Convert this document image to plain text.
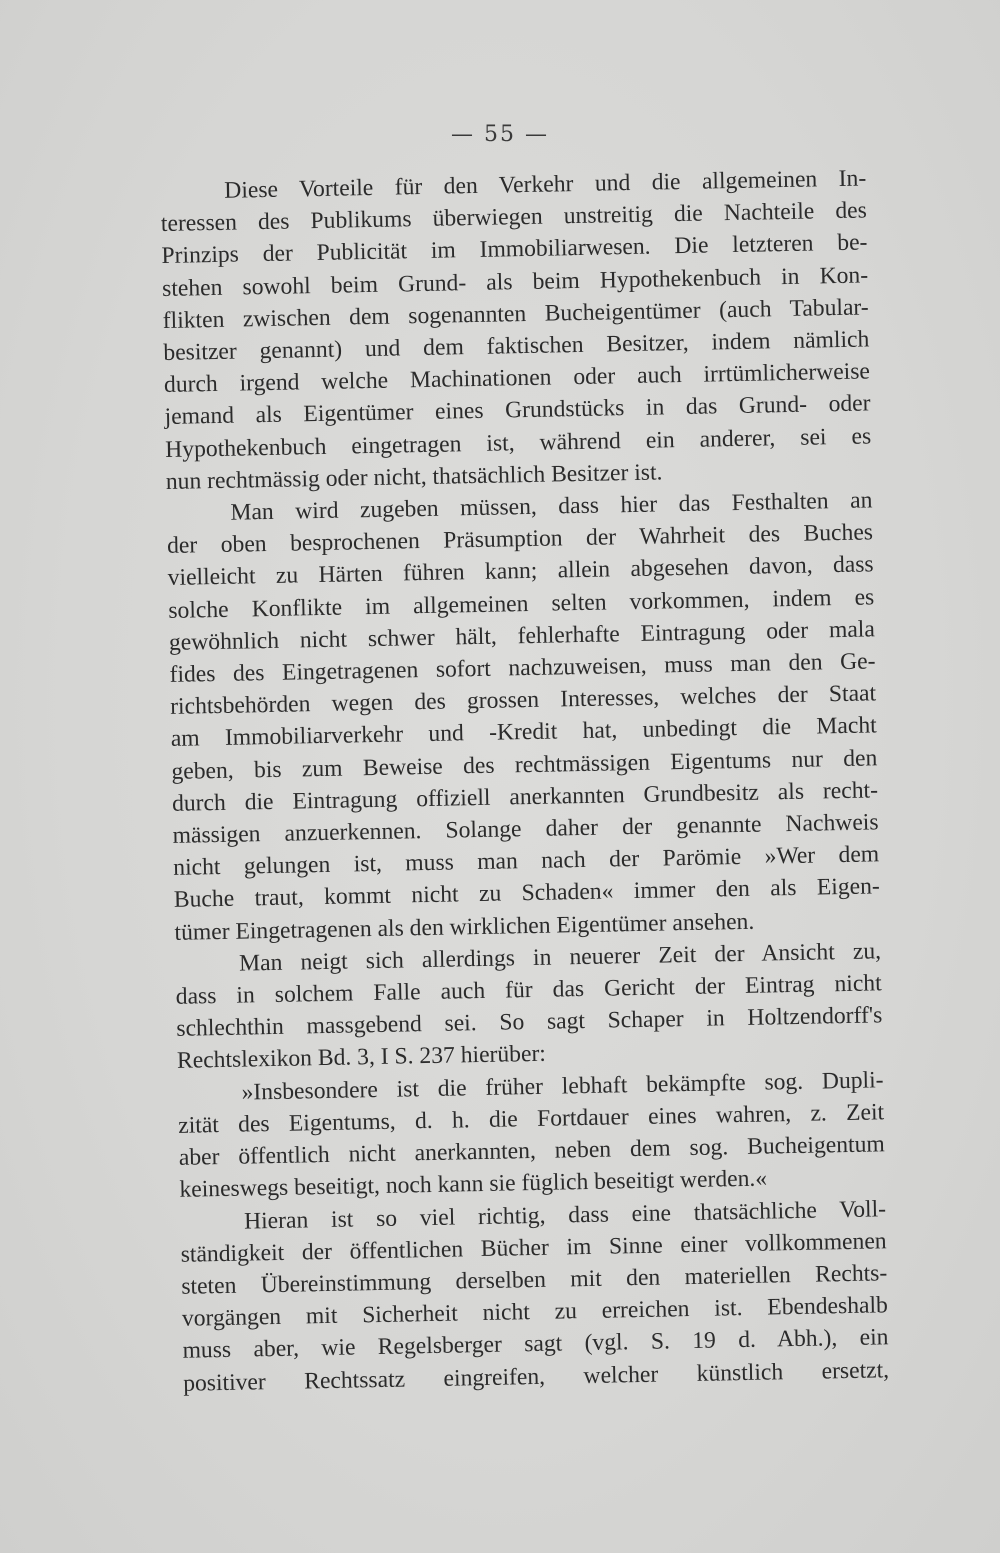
— 55 —
Diese Vorteile für den Verkehr und die allgemeinen In-
teressen des Publikums überwiegen unstreitig die Nachteile des
Prinzips der Publicität im Immobiliarwesen. Die letzteren be-
stehen sowohl beim Grund- als beim Hypothekenbuch in Kon-
flikten zwischen dem sogenannten Bucheigentümer (auch Tabular-
besitzer genannt) und dem faktischen Besitzer, indem nämlich
durch irgend welche Machinationen oder auch irrtümlicherweise
jemand als Eigentümer eines Grundstücks in das Grund- oder
Hypothekenbuch eingetragen ist, während ein anderer, sei es
nun rechtmässig oder nicht, thatsächlich Besitzer ist.
Man wird zugeben müssen, dass hier das Festhalten an
der oben besprochenen Präsumption der Wahrheit des Buches
vielleicht zu Härten führen kann; allein abgesehen davon, dass
solche Konflikte im allgemeinen selten vorkommen, indem es
gewöhnlich nicht schwer hält, fehlerhafte Eintragung oder mala
fides des Eingetragenen sofort nachzuweisen, muss man den Ge-
richtsbehörden wegen des grossen Interesses, welches der Staat
am Immobiliarverkehr und -Kredit hat, unbedingt die Macht
geben, bis zum Beweise des rechtmässigen Eigentums nur den
durch die Eintragung offiziell anerkannten Grundbesitz als recht-
mässigen anzuerkennen. Solange daher der genannte Nachweis
nicht gelungen ist, muss man nach der Parömie »Wer dem
Buche traut, kommt nicht zu Schaden« immer den als Eigen-
tümer Eingetragenen als den wirklichen Eigentümer ansehen.
Man neigt sich allerdings in neuerer Zeit der Ansicht zu,
dass in solchem Falle auch für das Gericht der Eintrag nicht
schlechthin massgebend sei. So sagt Schaper in Holtzendorff's
Rechtslexikon Bd. 3, I S. 237 hierüber:
»Insbesondere ist die früher lebhaft bekämpfte sog. Dupli-
zität des Eigentums, d. h. die Fortdauer eines wahren, z. Zeit
aber öffentlich nicht anerkannten, neben dem sog. Bucheigentum
keineswegs beseitigt, noch kann sie füglich beseitigt werden.«
Hieran ist so viel richtig, dass eine thatsächliche Voll-
ständigkeit der öffentlichen Bücher im Sinne einer vollkommenen
steten Übereinstimmung derselben mit den materiellen Rechts-
vorgängen mit Sicherheit nicht zu erreichen ist. Ebendeshalb
muss aber, wie Regelsberger sagt (vgl. S. 19 d. Abh.), ein
positiver Rechtssatz eingreifen, welcher künstlich ersetzt,
